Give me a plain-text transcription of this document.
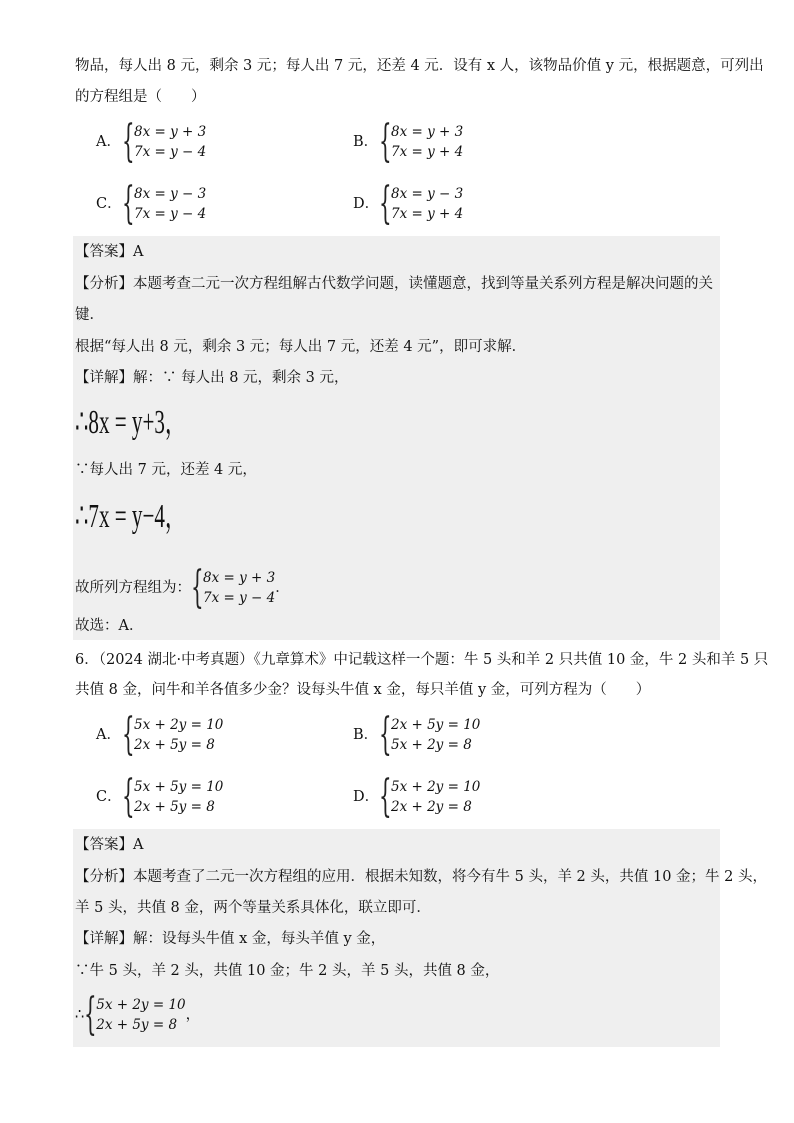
物品，每人出 8 元，剩余 3 元；每人出 7 元，还差 4 元．设有 x 人，该物品价值 y 元，根据题意，可列出
的方程组是（　　）
A． { 8x = y + 3
7x = y − 4
B． { 8x = y + 3
7x = y + 4
C． { 8x = y − 3
7x = y − 4
D． { 8x = y − 3
7x = y + 4
【答案】A
【分析】本题考查二元一次方程组解古代数学问题，读懂题意，找到等量关系列方程是解决问题的关
键．
根据“每人出 8 元，剩余 3 元；每人出 7 元，还差 4 元”，即可求解．
【详解】解：∵ 每人出 8 元，剩余 3 元，
∴8x = y+3，
∵每人出 7 元，还差 4 元，
∴7x = y−4，
故所列方程组为： { 8x = y + 3
7x = y − 4
．
故选：A．
6．（2024 湖北·中考真题）《九章算术》中记载这样一个题：牛 5 头和羊 2 只共值 10 金，牛 2 头和羊 5 只
共值 8 金，问牛和羊各值多少金？设每头牛值 x 金，每只羊值 y 金，可列方程为（　　）
A． { 5x + 2y = 10
2x + 5y = 8
B． { 2x + 5y = 10
5x + 2y = 8
C． { 5x + 5y = 10
2x + 5y = 8
D． { 5x + 2y = 10
2x + 2y = 8
【答案】A
【分析】本题考查了二元一次方程组的应用．根据未知数，将今有牛 5 头，羊 2 头，共值 10 金；牛 2 头，
羊 5 头，共值 8 金，两个等量关系具体化，联立即可．
【详解】解：设每头牛值 x 金，每头羊值 y 金，
∵牛 5 头，羊 2 头，共值 10 金；牛 2 头，羊 5 头，共值 8 金，
∴ { 5x + 2y = 10
2x + 5y = 8
，
